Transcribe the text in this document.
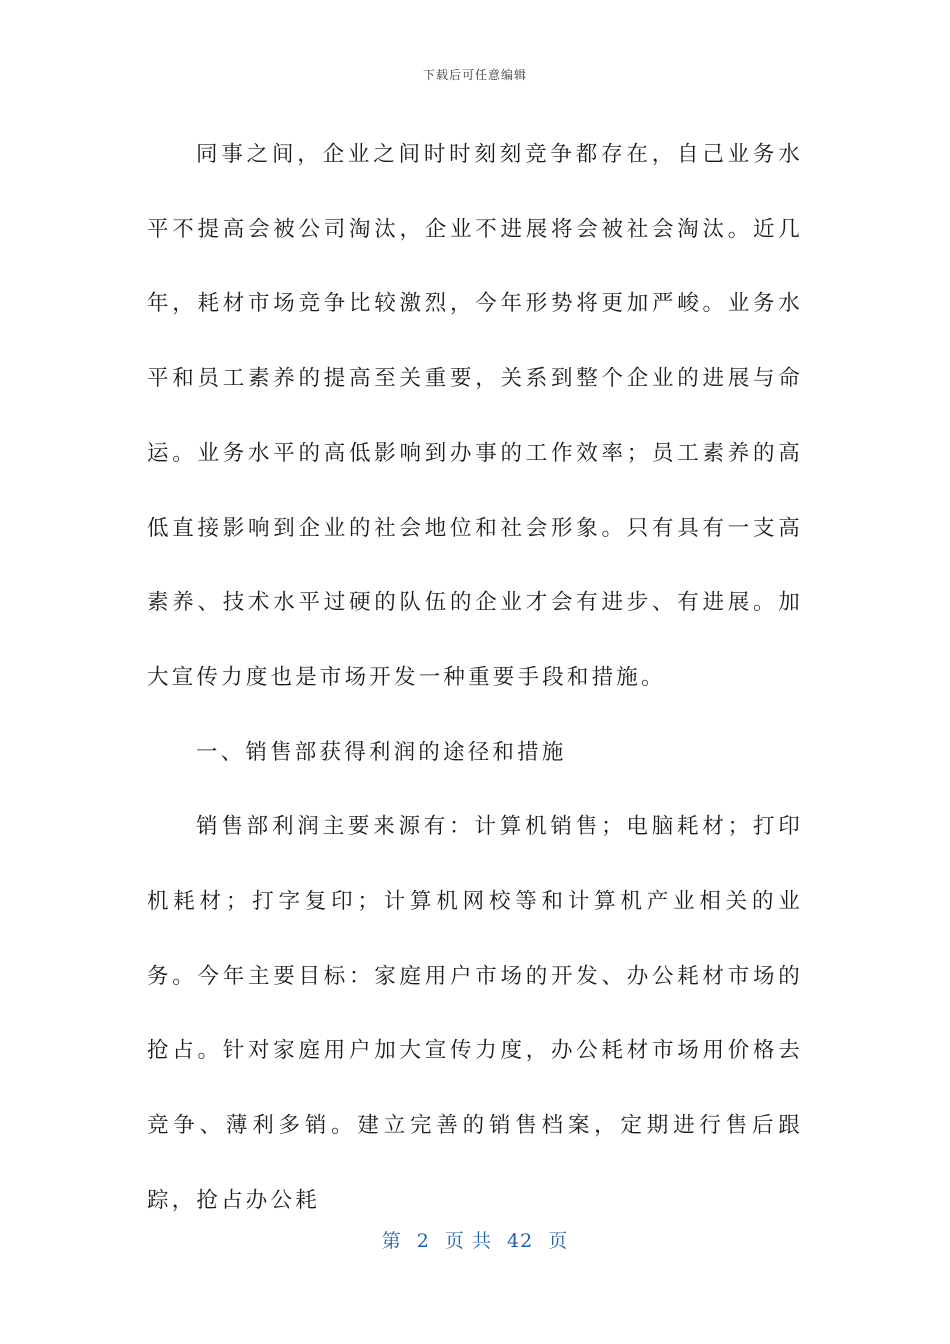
下载后可任意编辑

同事之间，企业之间时时刻刻竞争都存在，自己业务水平不提高会被公司淘汰，企业不进展将会被社会淘汰。近几年，耗材市场竞争比较激烈，今年形势将更加严峻。业务水平和员工素养的提高至关重要，关系到整个企业的进展与命运。业务水平的高低影响到办事的工作效率；员工素养的高低直接影响到企业的社会地位和社会形象。只有具有一支高素养、技术水平过硬的队伍的企业才会有进步、有进展。加大宣传力度也是市场开发一种重要手段和措施。

一、销售部获得利润的途径和措施

销售部利润主要来源有：计算机销售；电脑耗材；打印机耗材；打字复印；计算机网校等和计算机产业相关的业务。今年主要目标：家庭用户市场的开发、办公耗材市场的抢占。针对家庭用户加大宣传力度，办公耗材市场用价格去竞争、薄利多销。建立完善的销售档案，定期进行售后跟踪，抢占办公耗

第 2 页 共 42 页
